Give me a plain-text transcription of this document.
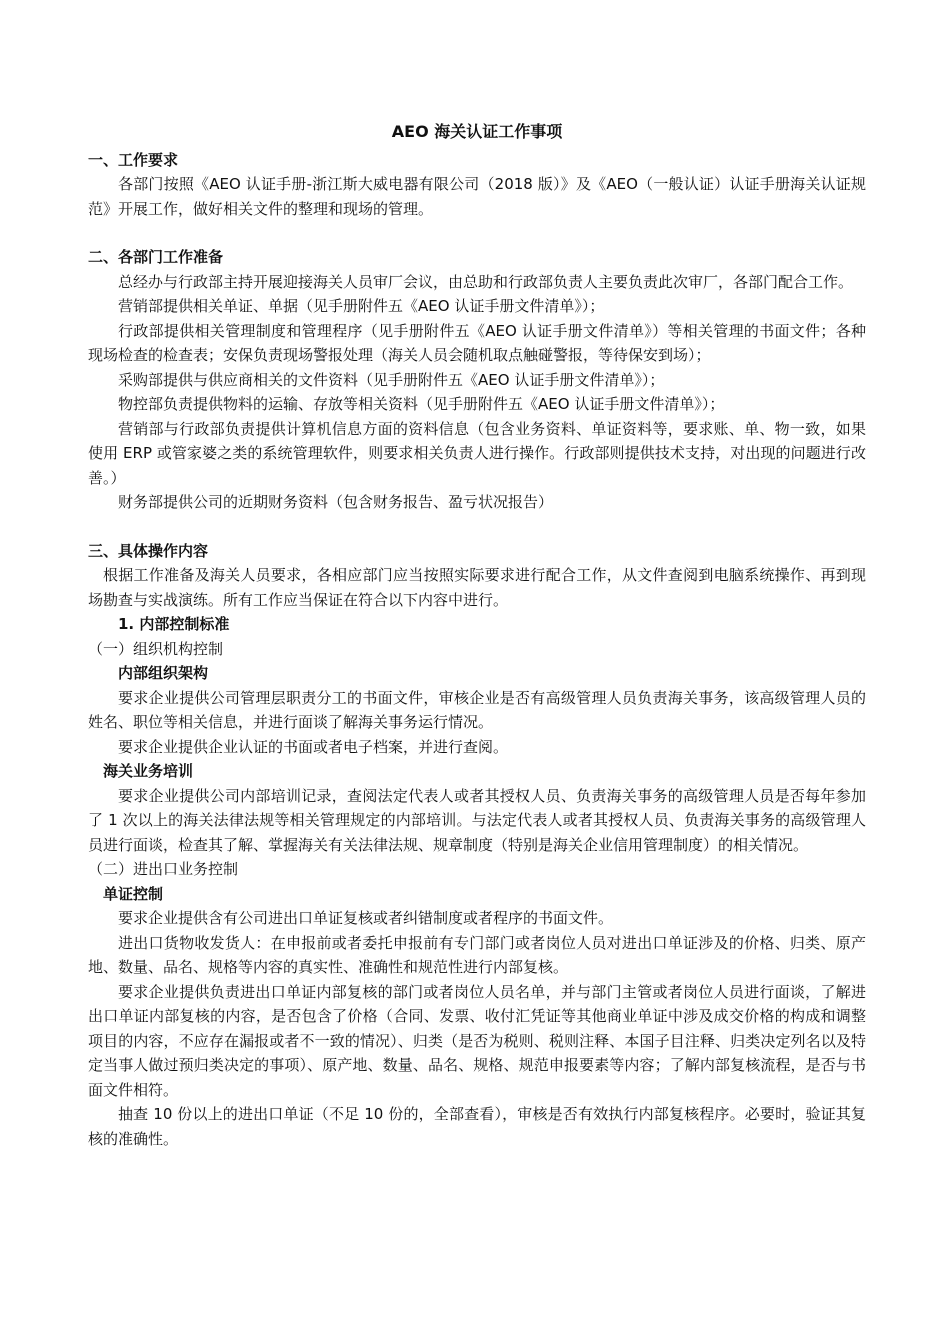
AEO 海关认证工作事项

一、工作要求

各部门按照《AEO 认证手册-浙江斯大威电器有限公司（2018 版）》及《AEO（一般认证）认证手册海关认证规范》开展工作，做好相关文件的整理和现场的管理。

二、各部门工作准备

总经办与行政部主持开展迎接海关人员审厂会议，由总助和行政部负责人主要负责此次审厂，各部门配合工作。

营销部提供相关单证、单据（见手册附件五《AEO 认证手册文件清单》）；

行政部提供相关管理制度和管理程序（见手册附件五《AEO 认证手册文件清单》）等相关管理的书面文件；各种现场检查的检查表；安保负责现场警报处理（海关人员会随机取点触碰警报，等待保安到场）；

采购部提供与供应商相关的文件资料（见手册附件五《AEO 认证手册文件清单》）；

物控部负责提供物料的运输、存放等相关资料（见手册附件五《AEO 认证手册文件清单》）；

营销部与行政部负责提供计算机信息方面的资料信息（包含业务资料、单证资料等，要求账、单、物一致，如果使用 ERP 或管家婆之类的系统管理软件，则要求相关负责人进行操作。行政部则提供技术支持，对出现的问题进行改善。）

财务部提供公司的近期财务资料（包含财务报告、盈亏状况报告）

三、具体操作内容

根据工作准备及海关人员要求，各相应部门应当按照实际要求进行配合工作，从文件查阅到电脑系统操作、再到现场勘查与实战演练。所有工作应当保证在符合以下内容中进行。

1. 内部控制标准

（一）组织机构控制

内部组织架构

要求企业提供公司管理层职责分工的书面文件，审核企业是否有高级管理人员负责海关事务，该高级管理人员的姓名、职位等相关信息，并进行面谈了解海关事务运行情况。

要求企业提供企业认证的书面或者电子档案，并进行查阅。

海关业务培训

要求企业提供公司内部培训记录，查阅法定代表人或者其授权人员、负责海关事务的高级管理人员是否每年参加了 1 次以上的海关法律法规等相关管理规定的内部培训。与法定代表人或者其授权人员、负责海关事务的高级管理人员进行面谈，检查其了解、掌握海关有关法律法规、规章制度（特别是海关企业信用管理制度）的相关情况。

（二）进出口业务控制

单证控制

要求企业提供含有公司进出口单证复核或者纠错制度或者程序的书面文件。

进出口货物收发货人：在申报前或者委托申报前有专门部门或者岗位人员对进出口单证涉及的价格、归类、原产地、数量、品名、规格等内容的真实性、准确性和规范性进行内部复核。

要求企业提供负责进出口单证内部复核的部门或者岗位人员名单，并与部门主管或者岗位人员进行面谈，了解进出口单证内部复核的内容，是否包含了价格（合同、发票、收付汇凭证等其他商业单证中涉及成交价格的构成和调整项目的内容，不应存在漏报或者不一致的情况）、归类（是否为税则、税则注释、本国子目注释、归类决定列名以及特定当事人做过预归类决定的事项）、原产地、数量、品名、规格、规范申报要素等内容；了解内部复核流程，是否与书面文件相符。

抽查 10 份以上的进出口单证（不足 10 份的，全部查看），审核是否有效执行内部复核程序。必要时，验证其复核的准确性。
